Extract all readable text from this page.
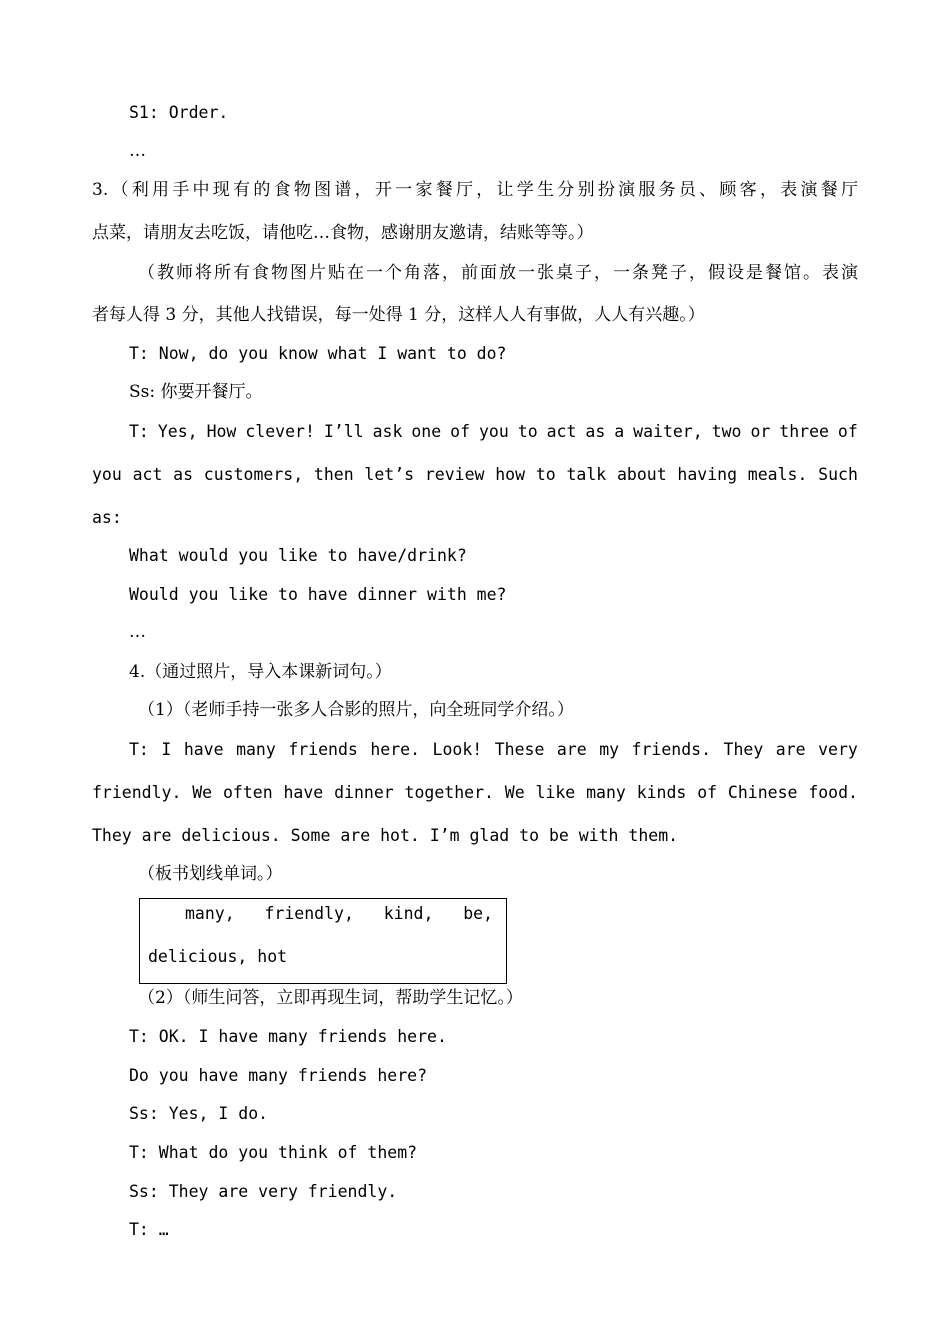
S1: Order.
…
3.（利用手中现有的食物图谱，开一家餐厅，让学生分别扮演服务员、顾客，表演餐厅
点菜，请朋友去吃饭，请他吃…食物，感谢朋友邀请，结账等等。）
（教师将所有食物图片贴在一个角落，前面放一张桌子，一条凳子，假设是餐馆。表演
者每人得 3 分，其他人找错误，每一处得 1 分，这样人人有事做，人人有兴趣。）
T: Now, do you know what I want to do?
Ss: 你要开餐厅。
T: Yes, How clever! I’ll ask one of you to act as a waiter, two or three of
you act as customers, then let’s review how to talk about having meals. Such
as:
What would you like to have/drink?
Would you like to have dinner with me?
…
4.（通过照片，导入本课新词句。）
（1）（老师手持一张多人合影的照片，向全班同学介绍。）
T: I have many friends here. Look! These are my friends. They are very
friendly. We often have dinner together. We like many kinds of Chinese food.
They are delicious. Some are hot. I’m glad to be with them.
（板书划线单词。）
many, friendly, kind, be,
delicious, hot
（2）（师生问答，立即再现生词，帮助学生记忆。）
T: OK. I have many friends here.
Do you have many friends here?
Ss: Yes, I do.
T: What do you think of them?
Ss: They are very friendly.
T: …
